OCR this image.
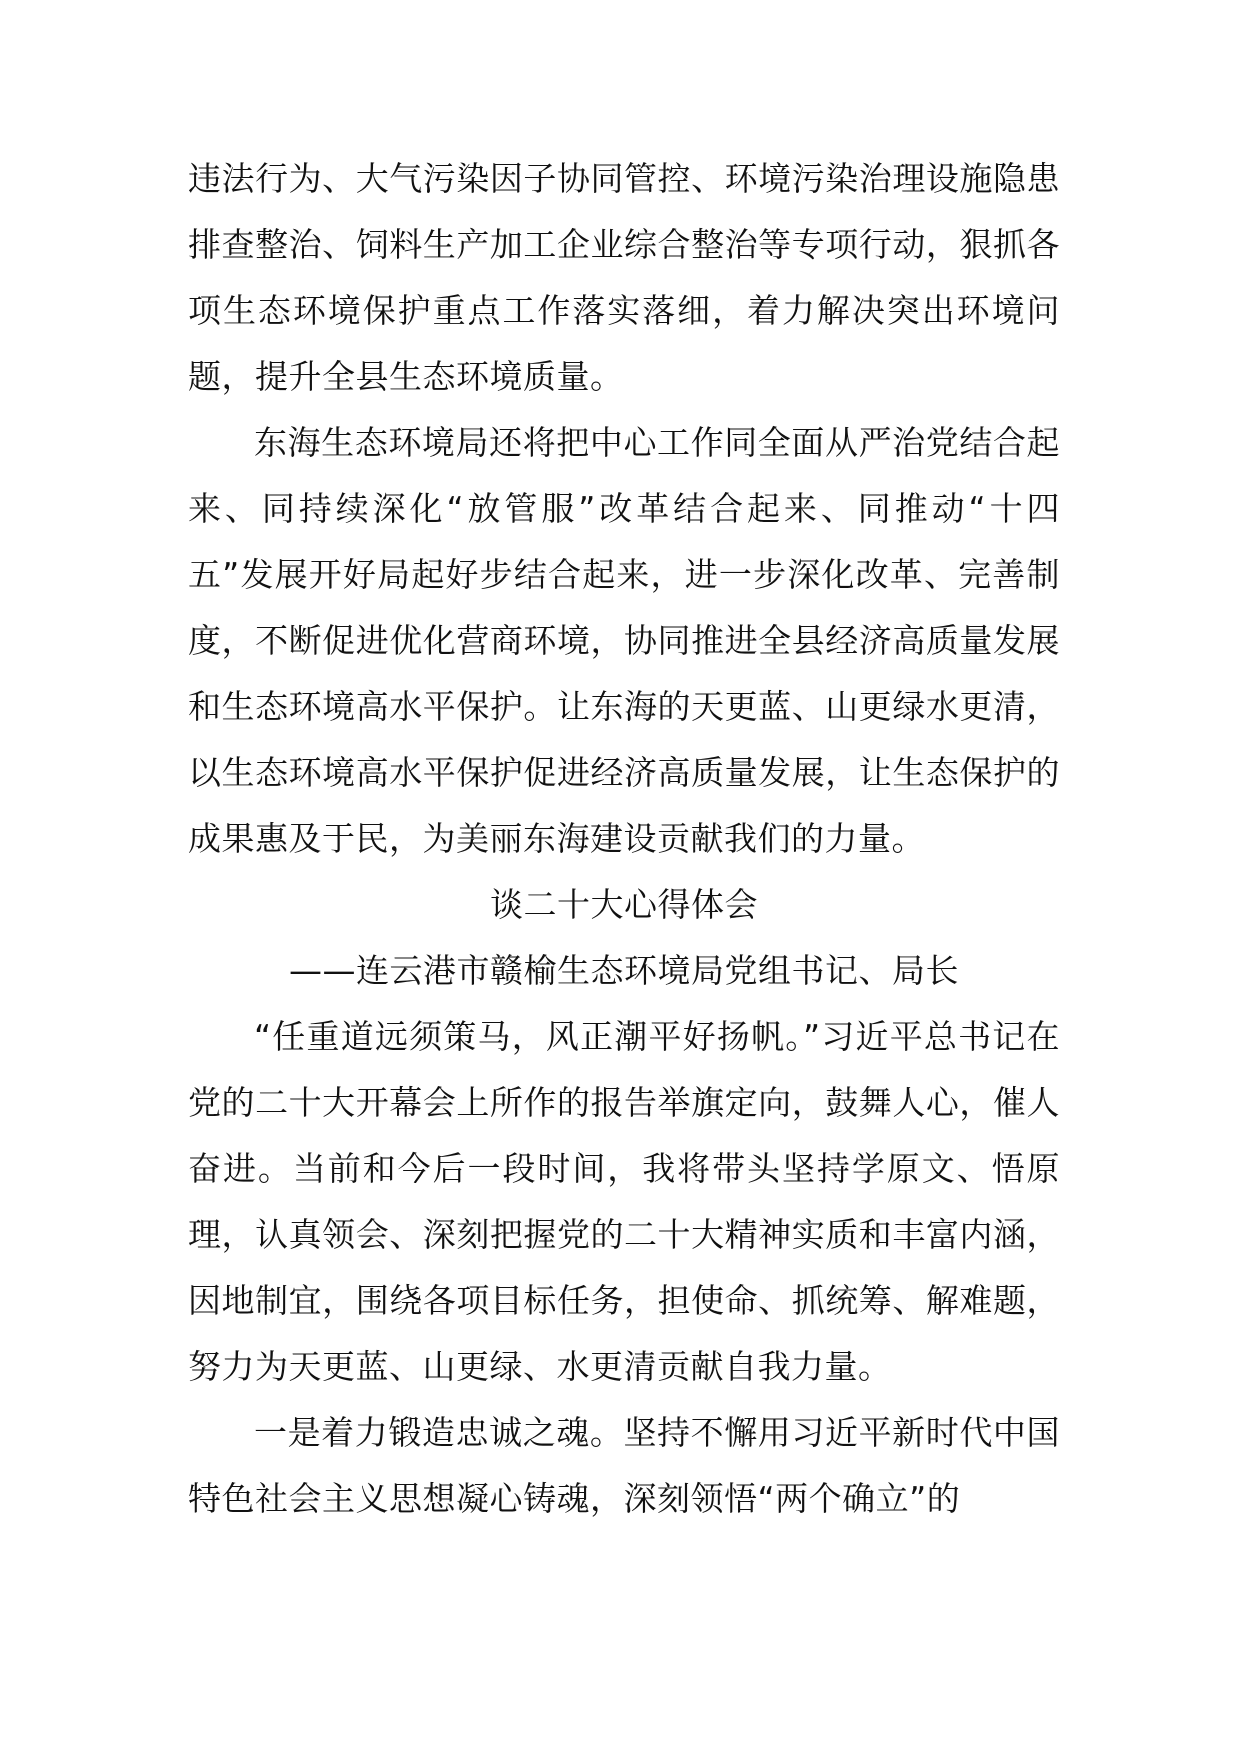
违法行为、大气污染因子协同管控、环境污染治理设施隐患排查整治、饲料生产加工企业综合整治等专项行动，狠抓各项生态环境保护重点工作落实落细，着力解决突出环境问题，提升全县生态环境质量。

东海生态环境局还将把中心工作同全面从严治党结合起来、同持续深化“放管服”改革结合起来、同推动“十四五”发展开好局起好步结合起来，进一步深化改革、完善制度，不断促进优化营商环境，协同推进全县经济高质量发展和生态环境高水平保护。让东海的天更蓝、山更绿水更清，以生态环境高水平保护促进经济高质量发展，让生态保护的成果惠及于民，为美丽东海建设贡献我们的力量。

谈二十大心得体会

——连云港市赣榆生态环境局党组书记、局长

“任重道远须策马，风正潮平好扬帆。”习近平总书记在党的二十大开幕会上所作的报告举旗定向，鼓舞人心，催人奋进。当前和今后一段时间，我将带头坚持学原文、悟原理，认真领会、深刻把握党的二十大精神实质和丰富内涵，因地制宜，围绕各项目标任务，担使命、抓统筹、解难题，努力为天更蓝、山更绿、水更清贡献自我力量。

一是着力锻造忠诚之魂。坚持不懈用习近平新时代中国特色社会主义思想凝心铸魂，深刻领悟“两个确立”的
